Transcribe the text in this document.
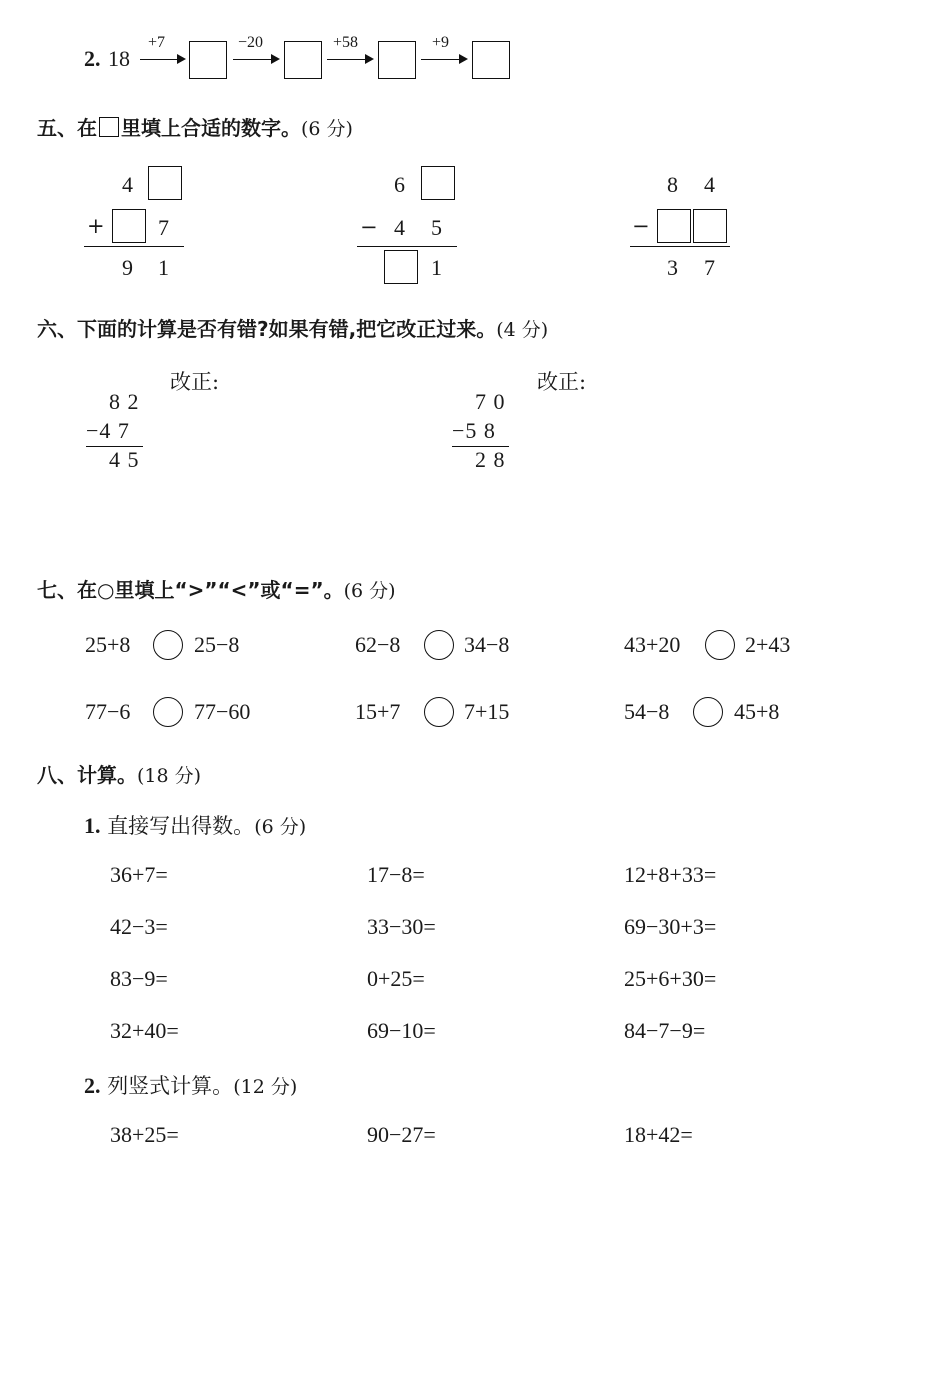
2. 18
+7	−20	+58	+9
五、在 里填上合适的数字。(6 分)
4
+ 7
9 1
6
− 4 5
1
8 4
−
3 7
六、下面的计算是否有错?如果有错,把它改正过来。(4 分)
改正:
8 2
−4 7
4 5
改正:
7 0
−5 8
2 8
七、在○里填上“>”“<”或“=”。(6 分)
25+8	25−8	62−8	34−8	43+20	2+43
77−6	77−60	15+7	7+15	54−8	45+8
八、计算。(18 分)
1. 直接写出得数。(6 分)
36+7=	17−8=	12+8+33=
42−3=	33−30=	69−30+3=
83−9=	0+25=	25+6+30=
32+40=	69−10=	84−7−9=
2. 列竖式计算。(12 分)
38+25=	90−27=	18+42=
